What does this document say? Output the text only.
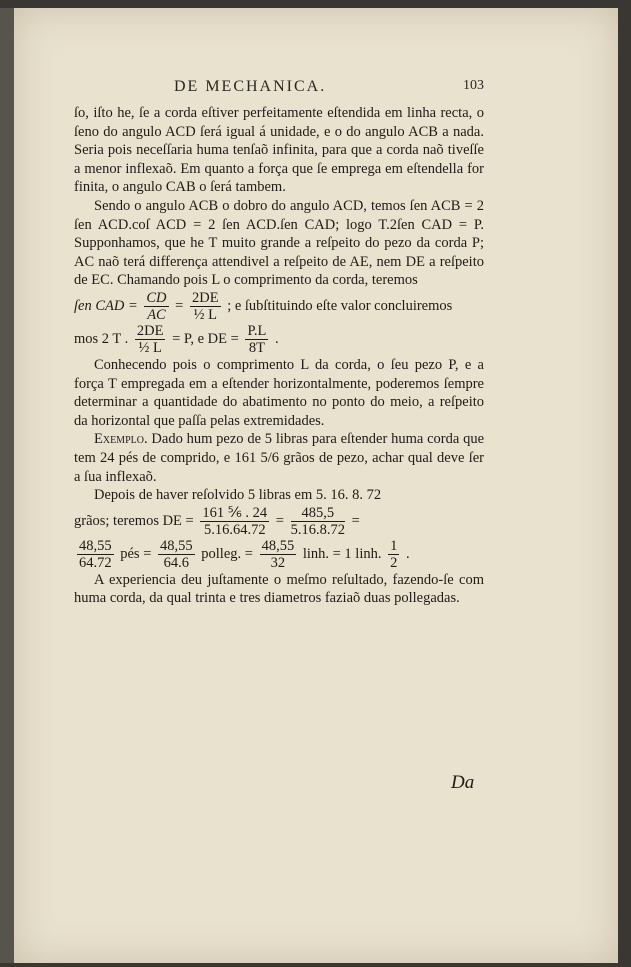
DE MECHANICA.	103

ſo, iſto he, ſe a corda eſtiver perfeitamente eſtendida em linha recta, o ſeno do angulo ACD ſerá igual á unidade, e o do angulo ACB a nada. Seria pois neceſſaria huma tenſaõ infinita, para que a corda naõ tiveſſe a menor inflexaõ. Em quanto a força que ſe emprega em eſtendella for finita, o angulo CAB o ſerá tambem.

Sendo o angulo ACB o dobro do angulo ACD, temos ſen ACB = 2 ſen ACD.coſ ACD = 2 ſen ACD.ſen CAD; logo T.2ſen CAD = P. Supponhamos, que he T muito grande a reſpeito do pezo da corda P; AC naõ terá differença attendivel a reſpeito de AE, nem DE a reſpeito de EC. Chamando pois L o comprimento da corda, teremos

ſen CAD = $\frac{CD}{AC} = \frac{2DE}{\text{½ L}}$ ; e ſubſtituindo eſte valor concluiremos

mos 2 T . $\frac{2DE}{\text{½ L}} = P$, e DE = $\frac{P.L}{8T}$ .

Conhecendo pois o comprimento L da corda, o ſeu pezo P, e a força T empregada em a eſtender horizontalmente, poderemos ſempre determinar a quantidade do abatimento no ponto do meio, a reſpeito da horizontal que paſſa pelas extremidades.

Exemplo. Dado hum pezo de 5 libras para eſtender huma corda que tem 24 pés de comprido, e 161 5/6 grãos de pezo, achar qual deve ſer a ſua inflexaõ.

Depois de haver reſolvido 5 libras em 5. 16. 8. 72

grãos; teremos DE = $\frac{\text{161 ⅚ . 24}}{5.16.64.72} = \frac{485,5}{5.16.8.72}$ =

$\frac{48,55}{64.72}$ pés = $\frac{48,55}{64.6}$ polleg. = $\frac{48,55}{32}$ linh. = 1 linh. $\frac{1}{2}$ .

A experiencia deu juſtamente o meſmo reſultado, fazendo-ſe com huma corda, da qual trinta e tres diametros faziaõ duas pollegadas.

Da
